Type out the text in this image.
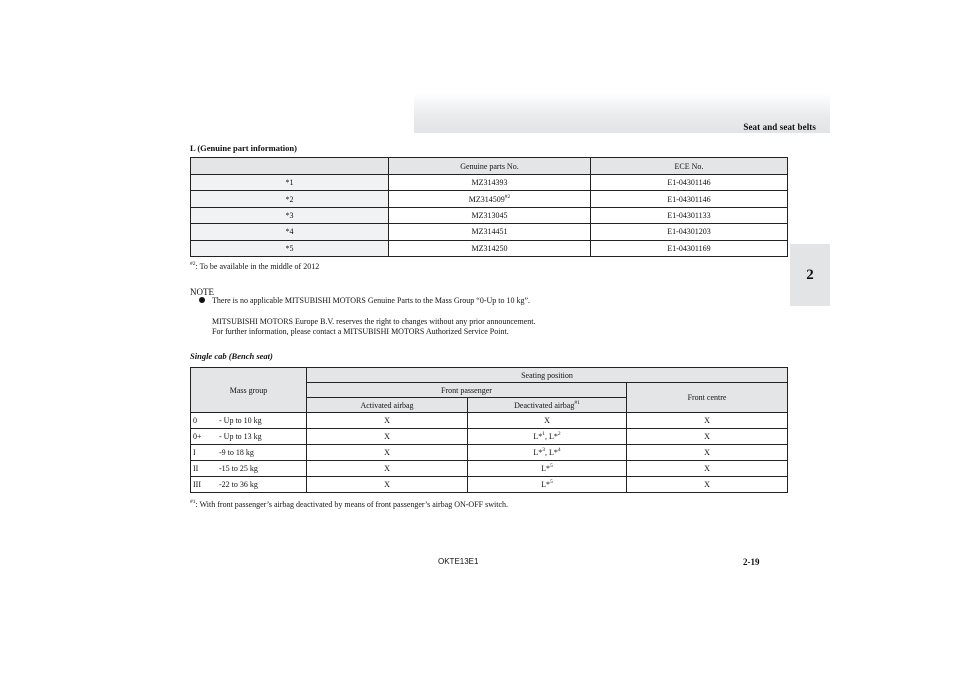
Seat and seat belts
2
L (Genuine part information)
	Genuine parts No.	ECE No.
*1	MZ314393	E1-04301146
*2	MZ314509$^{\#2}$	E1-04301146
*3	MZ313045	E1-04301133
*4	MZ314451	E1-04301203
*5	MZ314250	E1-04301169
$^{\#2}$: To be available in the middle of 2012
NOTE
There is no applicable MITSUBISHI MOTORS Genuine Parts to the Mass Group “0-Up to 10 kg”.
MITSUBISHI MOTORS Europe B.V. reserves the right to changes without any prior announcement.
For further information, please contact a MITSUBISHI MOTORS Authorized Service Point.
Single cab (Bench seat)
Mass group	Seating position		
	Front passenger		Front centre
	Activated airbag	Deactivated airbag$^{\#1}$
0 - Up to 10 kg	X	X	X
0+ - Up to 13 kg	X	L*$^1$, L*$^2$	X
I -9 to 18 kg	X	L*$^3$, L*$^4$	X
II -15 to 25 kg	X	L*$^5$	X
III -22 to 36 kg	X	L*$^5$	X
$^{\#1}$: With front passenger’s airbag deactivated by means of front passenger’s airbag ON-OFF switch.
OKTE13E1	2-19
